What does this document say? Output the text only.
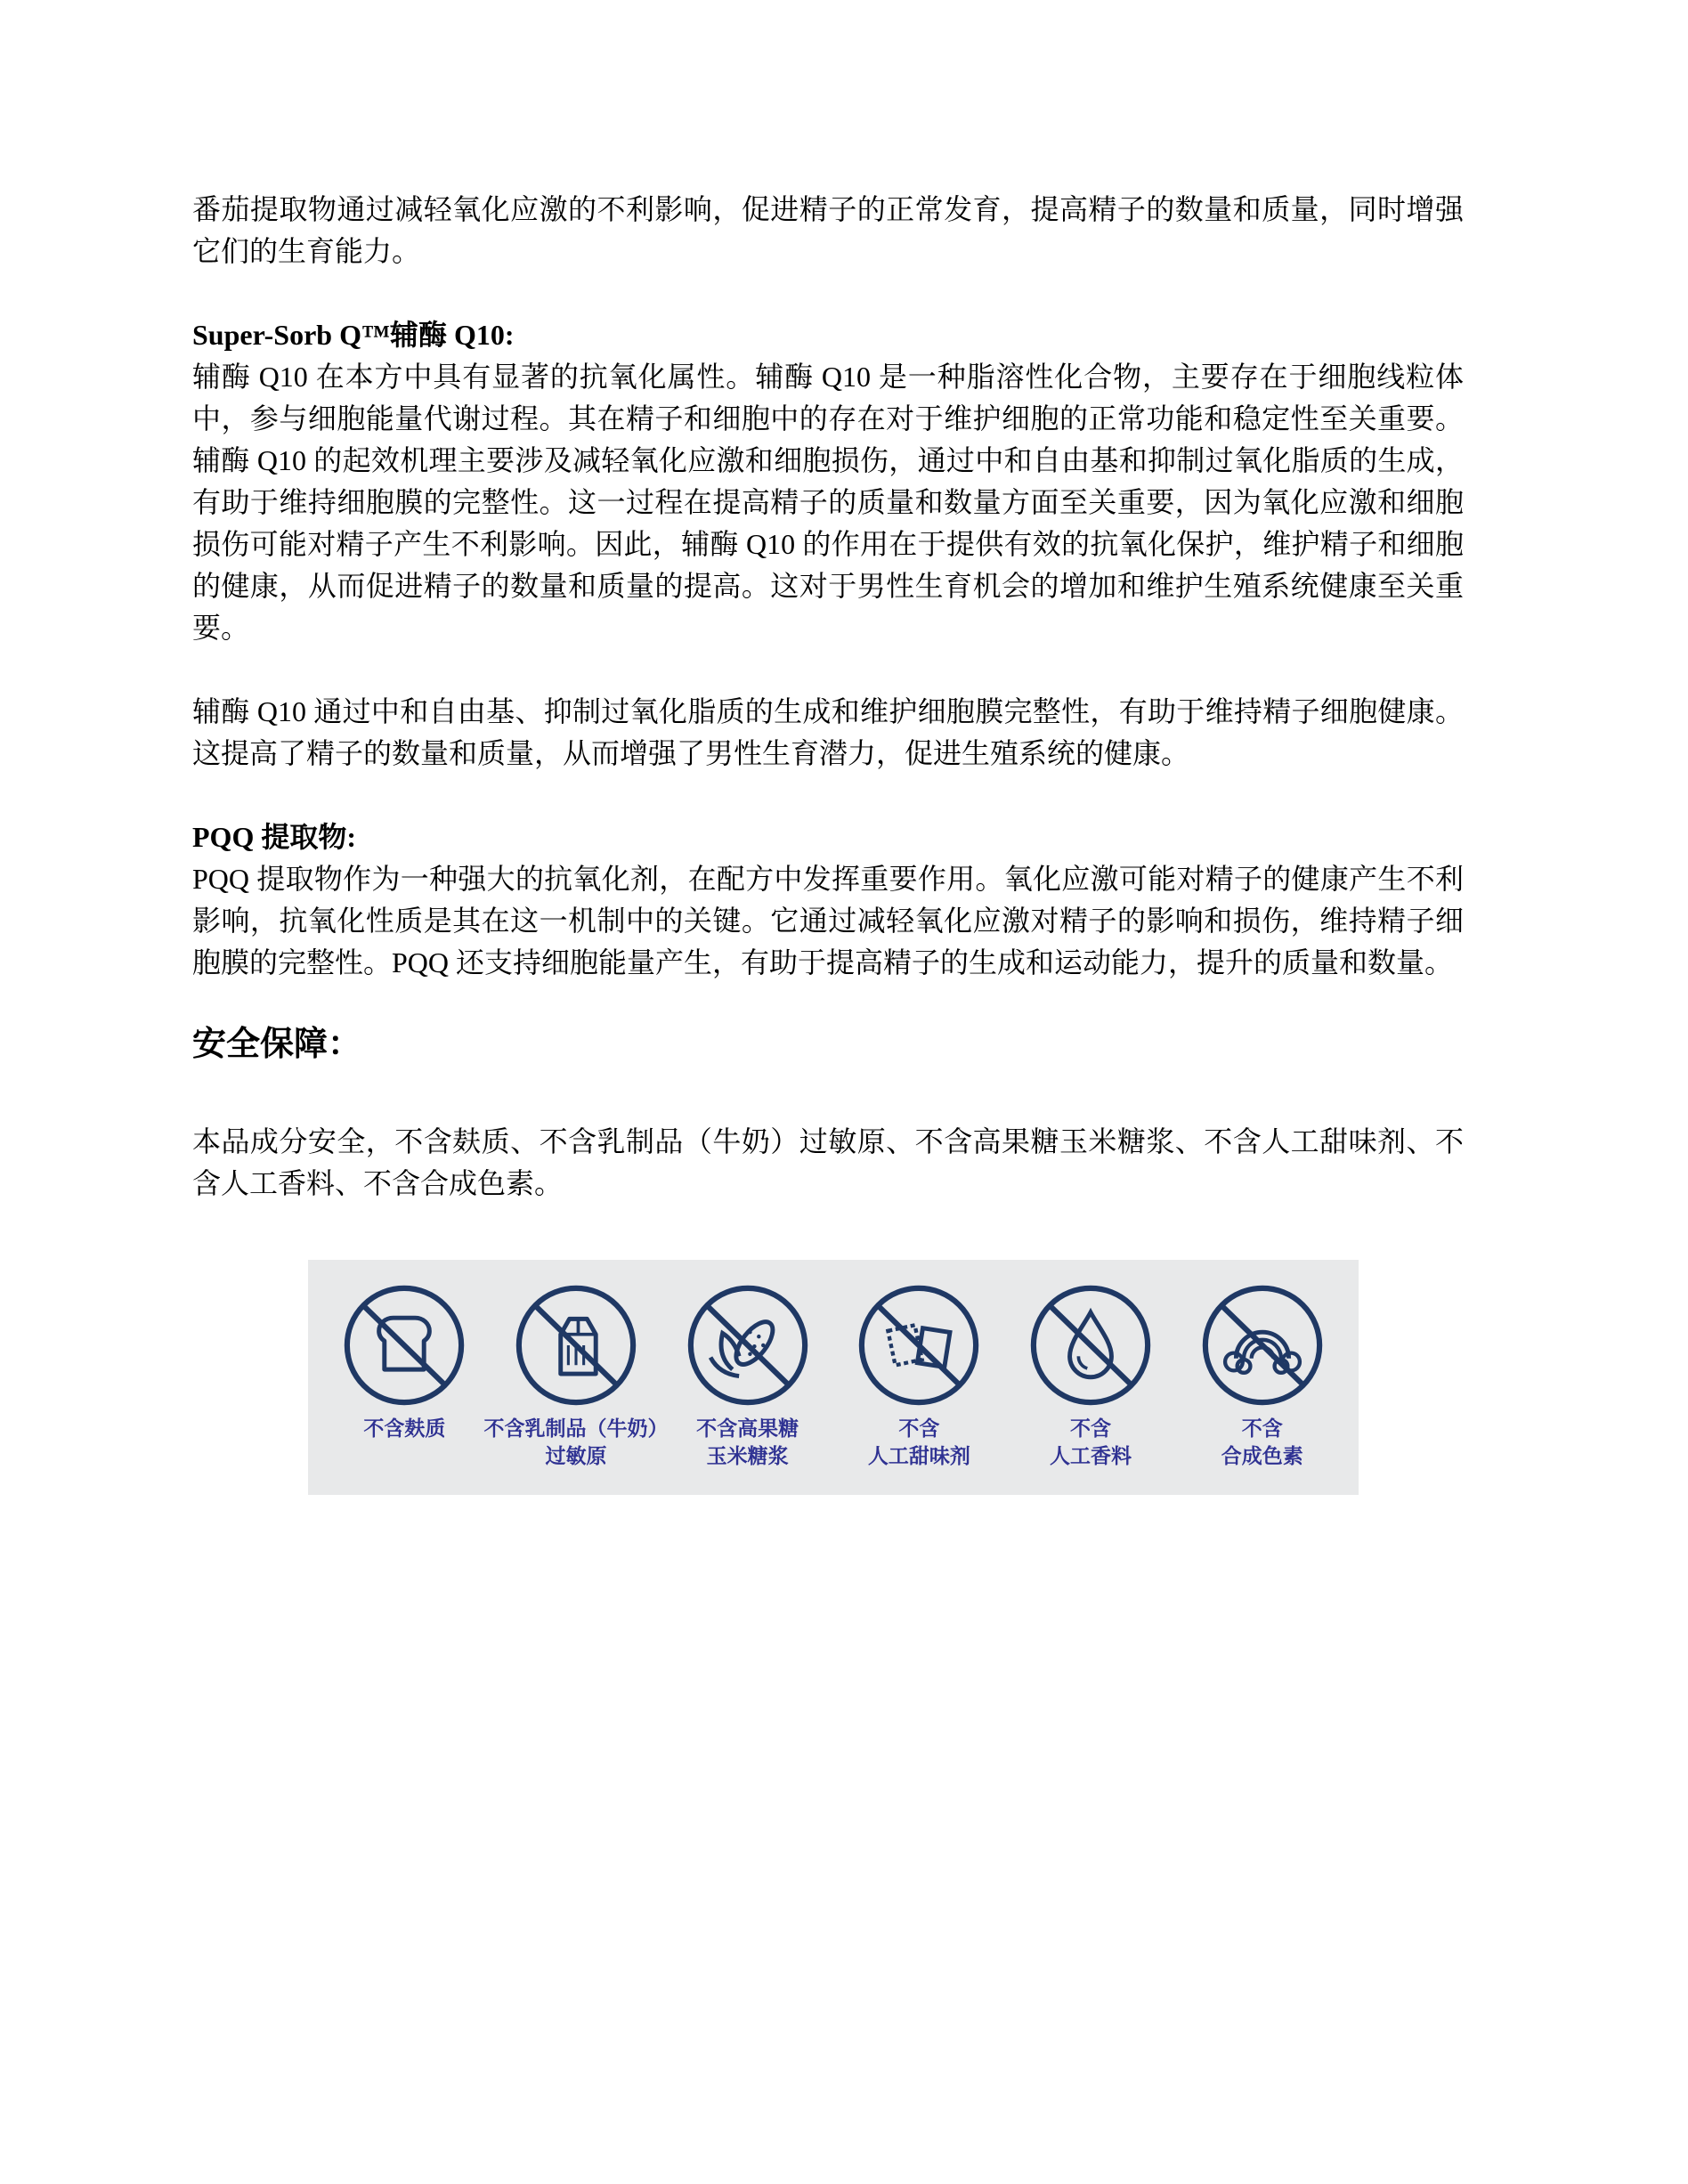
番茄提取物通过减轻氧化应激的不利影响，促进精子的正常发育，提高精子的数量和质量，同时增强它们的生育能力。

Super-Sorb Q™辅酶 Q10:

辅酶 Q10 在本方中具有显著的抗氧化属性。辅酶 Q10 是一种脂溶性化合物，主要存在于细胞线粒体中，参与细胞能量代谢过程。其在精子和细胞中的存在对于维护细胞的正常功能和稳定性至关重要。辅酶 Q10 的起效机理主要涉及减轻氧化应激和细胞损伤，通过中和自由基和抑制过氧化脂质的生成，有助于维持细胞膜的完整性。这一过程在提高精子的质量和数量方面至关重要，因为氧化应激和细胞损伤可能对精子产生不利影响。因此，辅酶 Q10 的作用在于提供有效的抗氧化保护，维护精子和细胞的健康，从而促进精子的数量和质量的提高。这对于男性生育机会的增加和维护生殖系统健康至关重要。

辅酶 Q10 通过中和自由基、抑制过氧化脂质的生成和维护细胞膜完整性，有助于维持精子细胞健康。这提高了精子的数量和质量，从而增强了男性生育潜力，促进生殖系统的健康。

PQQ 提取物:

PQQ 提取物作为一种强大的抗氧化剂，在配方中发挥重要作用。氧化应激可能对精子的健康产生不利影响，抗氧化性质是其在这一机制中的关键。它通过减轻氧化应激对精子的影响和损伤，维持精子细胞膜的完整性。PQQ 还支持细胞能量产生，有助于提高精子的生成和运动能力，提升的质量和数量。

安全保障：

本品成分安全，不含麸质、不含乳制品（牛奶）过敏原、不含高果糖玉米糖浆、不含人工甜味剂、不含人工香料、不含合成色素。

不含麸质 不含乳制品（牛奶）
过敏原
不含高果糖
玉米糖浆
不含
人工甜味剂
不含
人工香料
不含
合成色素
